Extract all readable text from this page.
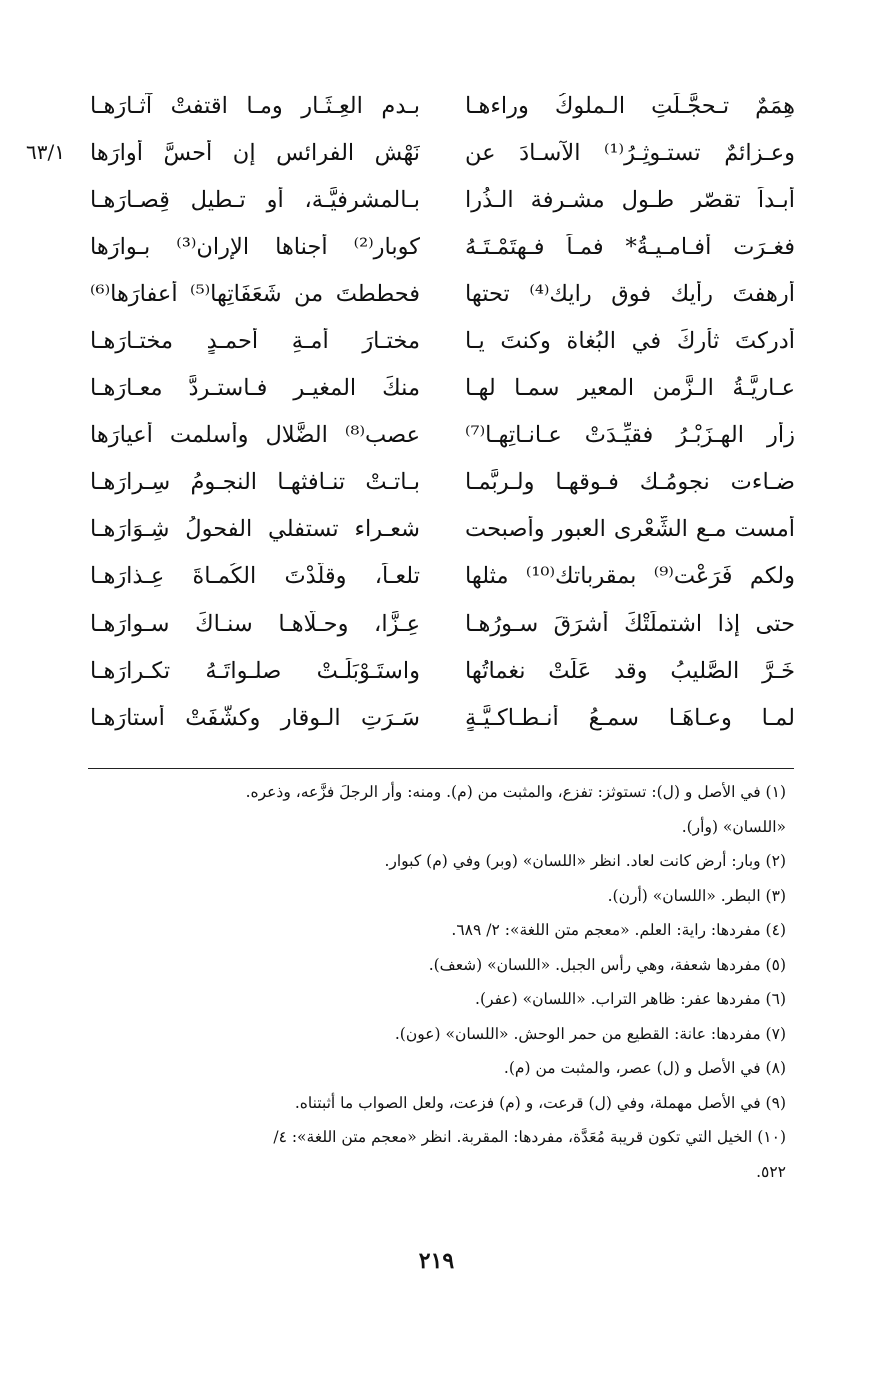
هِمَمٌ تـحجَّـلَتِ الـملوكُ وراءهـا
بـدمِ العِـثَـارِ ومـا اقتفتْ آثـارَهـا
وعـزائمٌ تستـوثِـرُ⁽¹⁾ الآسـادَ عن
نَهْشِ الفرائسِ إن أحسَّ أُوارَها
أبـداً تقصّر طـول مشـرفة الـذُرا
بـالمشرفيَّـة، أو تـطيل قِصـارَهـا
فغـرَت أفـامـيـةُ* فمـاً فـهتَمْـتَـهُ
كوبار⁽²⁾ أجناها الإران⁽³⁾ بـوارَها
أرهفتَ رأيك فوق رايك⁽⁴⁾ تحتها
فحططتَ من شَعَفَاتِها⁽⁵⁾ أعفارَها⁽⁶⁾
أدركتَ ثأركَ في البُغاة وكنتَ يـا
مختـارَ أمـةِ أحمـدٍ مختـارَهـا
عـاريَّـةُ الـزَّمن المعيرِ سمـا لهـا
منكَ المغيـر فـاستـردَّ معـارَهـا
زأر الهِـزَبْـرُ فقيِّـدَتْ عـانـاتِهـا⁽⁷⁾
عصب⁽⁸⁾ الضَّلال وأسلمت أعيارَها
ضـاءت نجومُـك فـوقهـا ولـربَّمـا
بـاتـتْ تنـافثهـا النجـومُ سِـرارَهـا
أمست مـع الشِّعْرى العبورِ وأصبحت
شعـراء تستفلي الفحولُ شِـوَارَهـا
ولكم فَرَعْت⁽⁹⁾ بمقرباتك⁽¹⁰⁾ مثلها
تلعـاً، وقلَّدْتَ الكُمـاةَ عِـذارَهـا
حتى إذا اشتملَتْكَ أشرَقَ سـورُهـا
عِـزَّا، وحـلَّاهـا سنـاكَ سـوارَهـا
خَـرَّ الصَّليبُ وقد عَلَتْ نغماتُها
واستَـوْبَلَـتْ صلـواتَـهُ تكـرارَهـا
لمـا وعـاهَـا سمـعُ أنـطـاكـيَّـةٍ
سَـرَتِ الـوقار وكشَّفَتْ أستارَهـا
٦٣/١
(١) في الأصل و (ل): تستوثز: تفزع، والمثبت من (م). ومنه: وأر الرجلَ فزَّعه، وذعره.
«اللسان» (وأر).
(٢) وبار: أرض كانت لعاد. انظر «اللسان» (وبر) وفي (م) كبوار.
(٣) البطر. «اللسان» (أرن).
(٤) مفردها: راية: العلم. «معجم متن اللغة»: ٢/ ٦٨٩.
(٥) مفردها شعفة، وهي رأس الجبل. «اللسان» (شعف).
(٦) مفردها عفر: ظاهر التراب. «اللسان» (عفر).
(٧) مفردها: عانة: القطيع من حمر الوحش. «اللسان» (عون).
(٨) في الأصل و (ل) عصر، والمثبت من (م).
(٩) في الأصل مهملة، وفي (ل) قرعت، و (م) فزعت، ولعل الصواب ما أثبتناه.
(١٠) الخيل التي تكون قريبة مُعَدَّة، مفردها: المقربة. انظر «معجم متن اللغة»: ٤/
٥٢٢.
٢١٩
